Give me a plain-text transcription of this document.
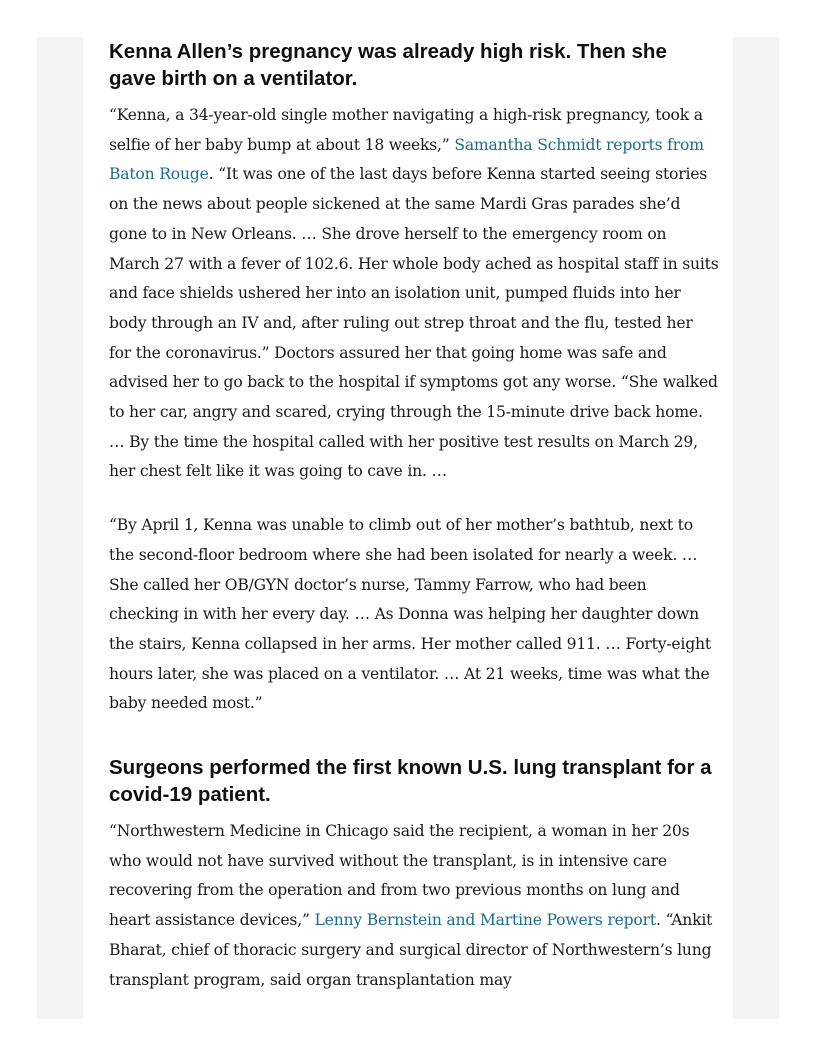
Kenna Allen’s pregnancy was already high risk. Then she gave birth on a ventilator.

“Kenna, a 34-year-old single mother navigating a high-risk pregnancy, took a selfie of her baby bump at about 18 weeks,” Samantha Schmidt reports from Baton Rouge. “It was one of the last days before Kenna started seeing stories on the news about people sickened at the same Mardi Gras parades she’d gone to in New Orleans. … She drove herself to the emergency room on March 27 with a fever of 102.6. Her whole body ached as hospital staff in suits and face shields ushered her into an isolation unit, pumped fluids into her body through an IV and, after ruling out strep throat and the flu, tested her for the coronavirus.” Doctors assured her that going home was safe and advised her to go back to the hospital if symptoms got any worse. “She walked to her car, angry and scared, crying through the 15-minute drive back home. … By the time the hospital called with her positive test results on March 29, her chest felt like it was going to cave in. …

“By April 1, Kenna was unable to climb out of her mother’s bathtub, next to the second-floor bedroom where she had been isolated for nearly a week. … She called her OB/GYN doctor’s nurse, Tammy Farrow, who had been checking in with her every day. … As Donna was helping her daughter down the stairs, Kenna collapsed in her arms. Her mother called 911. … Forty-eight hours later, she was placed on a ventilator. … At 21 weeks, time was what the baby needed most.”

Surgeons performed the first known U.S. lung transplant for a covid-19 patient.

“Northwestern Medicine in Chicago said the recipient, a woman in her 20s who would not have survived without the transplant, is in intensive care recovering from the operation and from two previous months on lung and heart assistance devices,” Lenny Bernstein and Martine Powers report. “Ankit Bharat, chief of thoracic surgery and surgical director of Northwestern’s lung transplant program, said organ transplantation may
